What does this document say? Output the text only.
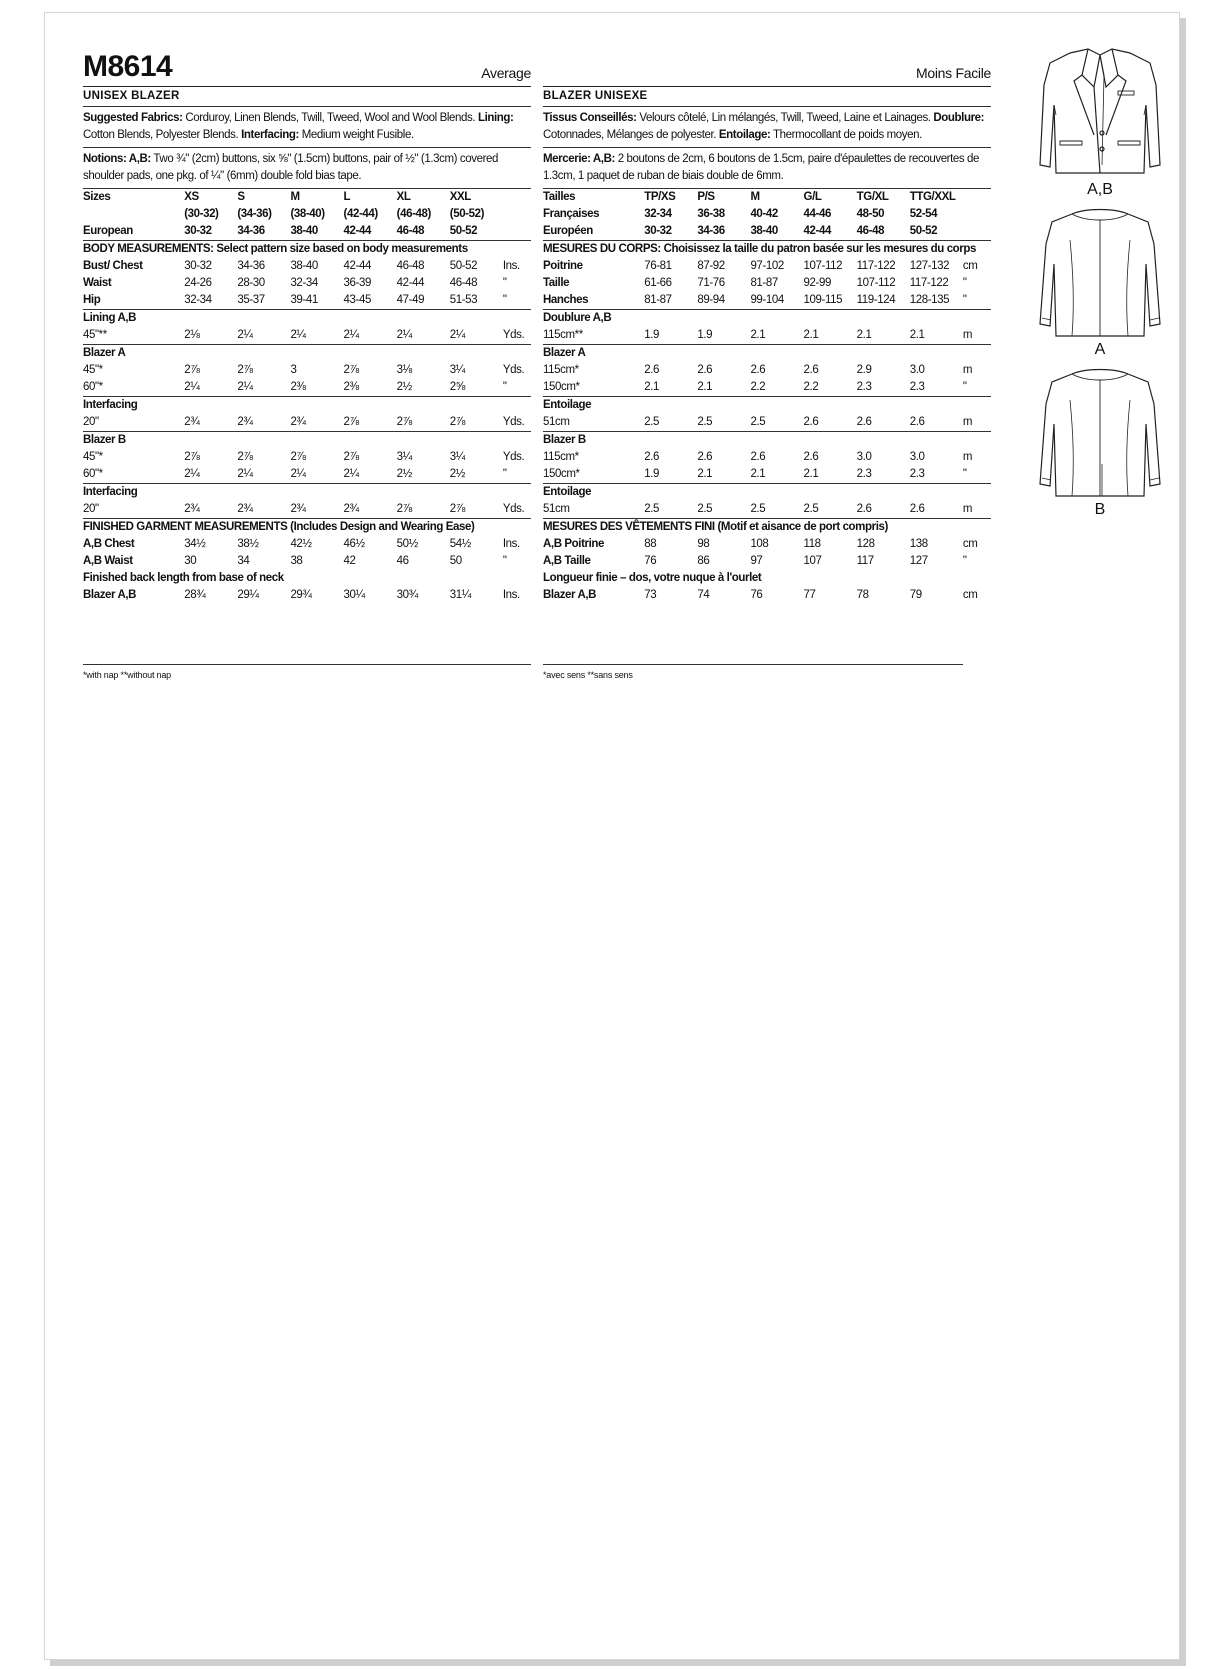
M8614	Average
UNISEX BLAZER
Suggested Fabrics: Corduroy, Linen Blends, Twill, Tweed, Wool and Wool Blends. Lining: Cotton Blends, Polyester Blends. Interfacing: Medium weight Fusible.
Notions: A,B: Two ¾" (2cm) buttons, six ⅝" (1.5cm) buttons, pair of ½" (1.3cm) covered shoulder pads, one pkg. of ¼" (6mm) double fold bias tape.
Sizes	XS	S	M	L	XL	XXL	
	(30-32)	(34-36)	(38-40)	(42-44)	(46-48)	(50-52)	
European	30-32	34-36	38-40	42-44	46-48	50-52	
BODY MEASUREMENTS: Select pattern size based on body measurements							
Bust/ Chest	30-32	34-36	38-40	42-44	46-48	50-52	Ins.
Waist	24-26	28-30	32-34	36-39	42-44	46-48	"
Hip	32-34	35-37	39-41	43-45	47-49	51-53	"
Lining A,B							
45"**	2⅛	2¼	2¼	2¼	2¼	2¼	Yds.
Blazer A							
45"*	2⅞	2⅞	3	2⅞	3⅛	3¼	Yds.
60"*	2¼	2¼	2⅜	2⅜	2½	2⅝	"
Interfacing							
20"	2¾	2¾	2¾	2⅞	2⅞	2⅞	Yds.
Blazer B							
45"*	2⅞	2⅞	2⅞	2⅞	3¼	3¼	Yds.
60"*	2¼	2¼	2¼	2¼	2½	2½	"
Interfacing							
20"	2¾	2¾	2¾	2¾	2⅞	2⅞	Yds.
FINISHED GARMENT MEASUREMENTS (Includes Design and Wearing Ease)							
A,B Chest	34½	38½	42½	46½	50½	54½	Ins.
A,B Waist	30	34	38	42	46	50	"
Finished back length from base of neck							
Blazer A,B	28¾	29¼	29¾	30¼	30¾	31¼	Ins.
*with nap **without nap
Moins Facile
BLAZER UNISEXE
Tissus Conseillés: Velours côtelé, Lin mélangés, Twill, Tweed, Laine et Lainages. Doublure: Cotonnades, Mélanges de polyester. Entoilage: Thermocollant de poids moyen.
Mercerie: A,B: 2 boutons de 2cm, 6 boutons de 1.5cm, paire d'épaulettes de recouvertes de 1.3cm, 1 paquet de ruban de biais double de 6mm.
Tailles	TP/XS	P/S	M	G/L	TG/XL	TTG/XXL	
Françaises	32-34	36-38	40-42	44-46	48-50	52-54	
Européen	30-32	34-36	38-40	42-44	46-48	50-52	
MESURES DU CORPS: Choisissez la taille du patron basée sur les mesures du corps							
Poitrine	76-81	87-92	97-102	107-112	117-122	127-132	cm
Taille	61-66	71-76	81-87	92-99	107-112	117-122	"
Hanches	81-87	89-94	99-104	109-115	119-124	128-135	"
Doublure A,B							
115cm**	1.9	1.9	2.1	2.1	2.1	2.1	m
Blazer A							
115cm*	2.6	2.6	2.6	2.6	2.9	3.0	m
150cm*	2.1	2.1	2.2	2.2	2.3	2.3	"
Entoilage							
51cm	2.5	2.5	2.5	2.6	2.6	2.6	m
Blazer B							
115cm*	2.6	2.6	2.6	2.6	3.0	3.0	m
150cm*	1.9	2.1	2.1	2.1	2.3	2.3	"
Entoilage							
51cm	2.5	2.5	2.5	2.5	2.6	2.6	m
MESURES DES VÊTEMENTS FINI (Motif et aisance de port compris)							
A,B Poitrine	88	98	108	118	128	138	cm
A,B Taille	76	86	97	107	117	127	"
Longueur finie – dos, votre nuque à l'ourlet							
Blazer A,B	73	74	76	77	78	79	cm
*avec sens **sans sens
A,B
A
B
